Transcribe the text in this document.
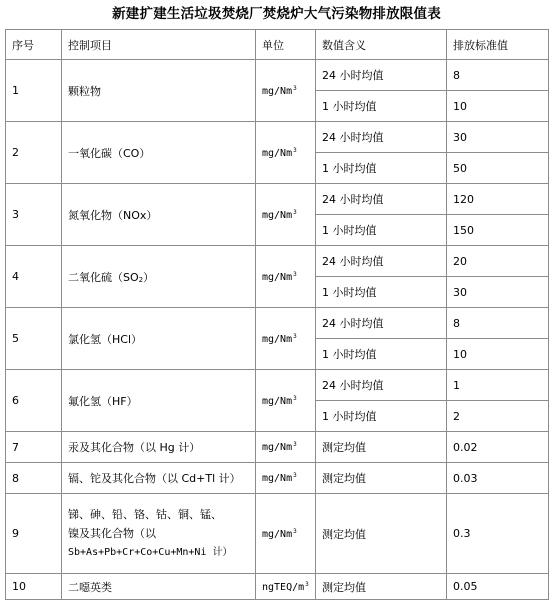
新建扩建生活垃圾焚烧厂焚烧炉大气污染物排放限值表
序号	控制项目	单位	数值含义	排放标准值
1	颗粒物	mg/Nm$^3$	24 小时均值	8
			1 小时均值	10
2	一氧化碳（CO）	mg/Nm$^3$	24 小时均值	30
			1 小时均值	50
3	氮氧化物（NOx）	mg/Nm$^3$	24 小时均值	120
			1 小时均值	150
4	二氧化硫$(SO_2)$	mg/Nm$^3$	24 小时均值	20
			1 小时均值	30
5	氯化氢（HCl）	mg/Nm$^3$	24 小时均值	8
			1 小时均值	10
6	氟化氢（HF）	mg/Nm$^3$	24 小时均值	1
			1 小时均值	2
7	汞及其化合物（以 Hg 计）	mg/Nm$^3$	测定均值	0.02
8	镉、铊及其化合物（以 Cd+Tl 计）	mg/Nm$^3$	测定均值	0.03
9	锑、砷、铅、铬、钴、铜、锰、
镍及其化合物（以
Sb+As+Pb+Cr+Co+Cu+Mn+Ni 计）	mg/Nm$^3$	测定均值	0.3
10	二噁英类	ngTEQ/$m^3$	测定均值	0.05
